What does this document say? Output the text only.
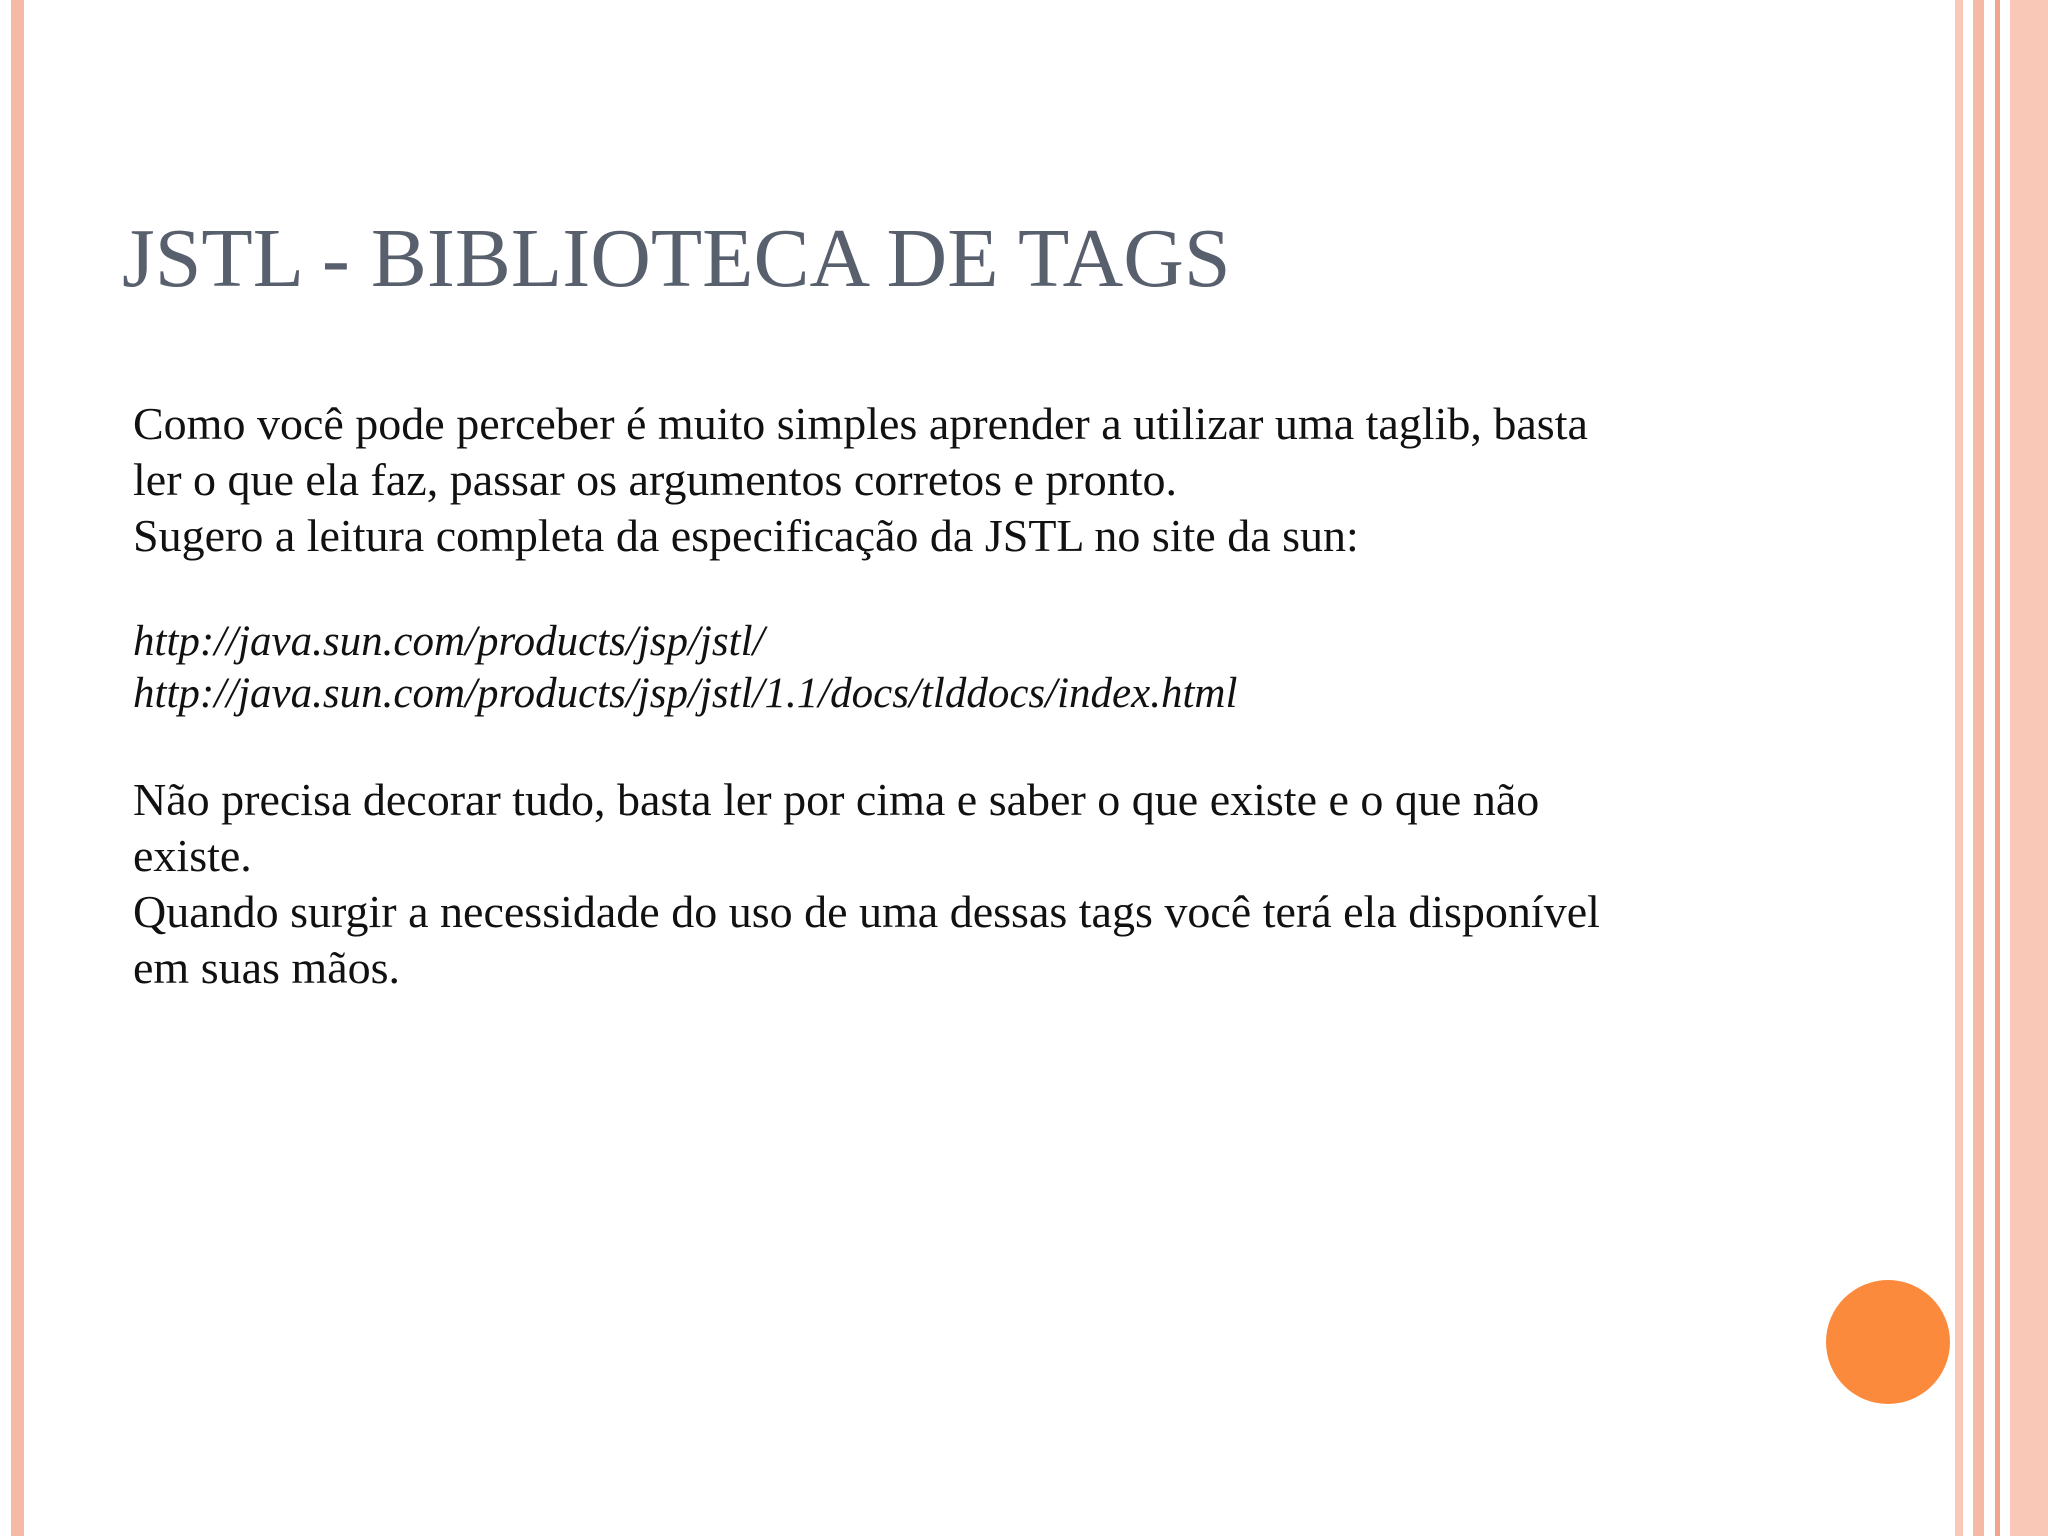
JSTL - BIBLIOTECA DE TAGS
Como você pode perceber é muito simples aprender a utilizar uma taglib, basta
ler o que ela faz, passar os argumentos corretos e pronto.
Sugero a leitura completa da especificação da JSTL no site da sun:
http://java.sun.com/products/jsp/jstl/
http://java.sun.com/products/jsp/jstl/1.1/docs/tlddocs/index.html
Não precisa decorar tudo, basta ler por cima e saber o que existe e o que não
existe.
Quando surgir a necessidade do uso de uma dessas tags você terá ela disponível
em suas mãos.
